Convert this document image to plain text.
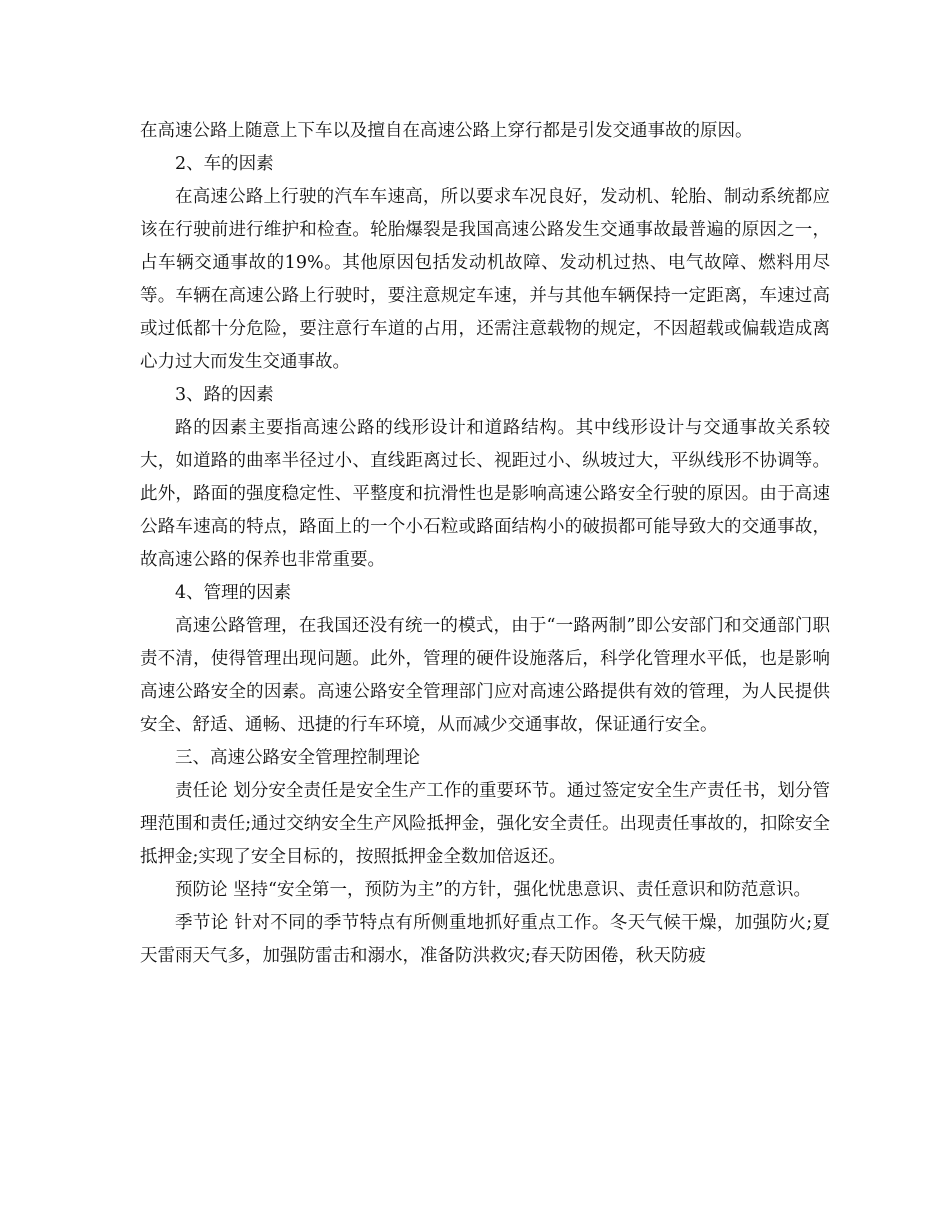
在高速公路上随意上下车以及擅自在高速公路上穿行都是引发交通事故的原因。

2、车的因素

在高速公路上行驶的汽车车速高，所以要求车况良好，发动机、轮胎、制动系统都应该在行驶前进行维护和检查。轮胎爆裂是我国高速公路发生交通事故最普遍的原因之一，占车辆交通事故的19%。其他原因包括发动机故障、发动机过热、电气故障、燃料用尽等。车辆在高速公路上行驶时，要注意规定车速，并与其他车辆保持一定距离，车速过高或过低都十分危险，要注意行车道的占用，还需注意载物的规定，不因超载或偏载造成离心力过大而发生交通事故。

3、路的因素

路的因素主要指高速公路的线形设计和道路结构。其中线形设计与交通事故关系较大，如道路的曲率半径过小、直线距离过长、视距过小、纵坡过大，平纵线形不协调等。此外，路面的强度稳定性、平整度和抗滑性也是影响高速公路安全行驶的原因。由于高速公路车速高的特点，路面上的一个小石粒或路面结构小的破损都可能导致大的交通事故，故高速公路的保养也非常重要。

4、管理的因素

高速公路管理，在我国还没有统一的模式，由于“一路两制”即公安部门和交通部门职责不清，使得管理出现问题。此外，管理的硬件设施落后，科学化管理水平低，也是影响高速公路安全的因素。高速公路安全管理部门应对高速公路提供有效的管理，为人民提供安全、舒适、通畅、迅捷的行车环境，从而减少交通事故，保证通行安全。

三、高速公路安全管理控制理论

责任论 划分安全责任是安全生产工作的重要环节。通过签定安全生产责任书，划分管理范围和责任;通过交纳安全生产风险抵押金，强化安全责任。出现责任事故的，扣除安全抵押金;实现了安全目标的，按照抵押金全数加倍返还。

预防论 坚持“安全第一，预防为主”的方针，强化忧患意识、责任意识和防范意识。

季节论 针对不同的季节特点有所侧重地抓好重点工作。冬天气候干燥，加强防火;夏天雷雨天气多，加强防雷击和溺水，准备防洪救灾;春天防困倦，秋天防疲
